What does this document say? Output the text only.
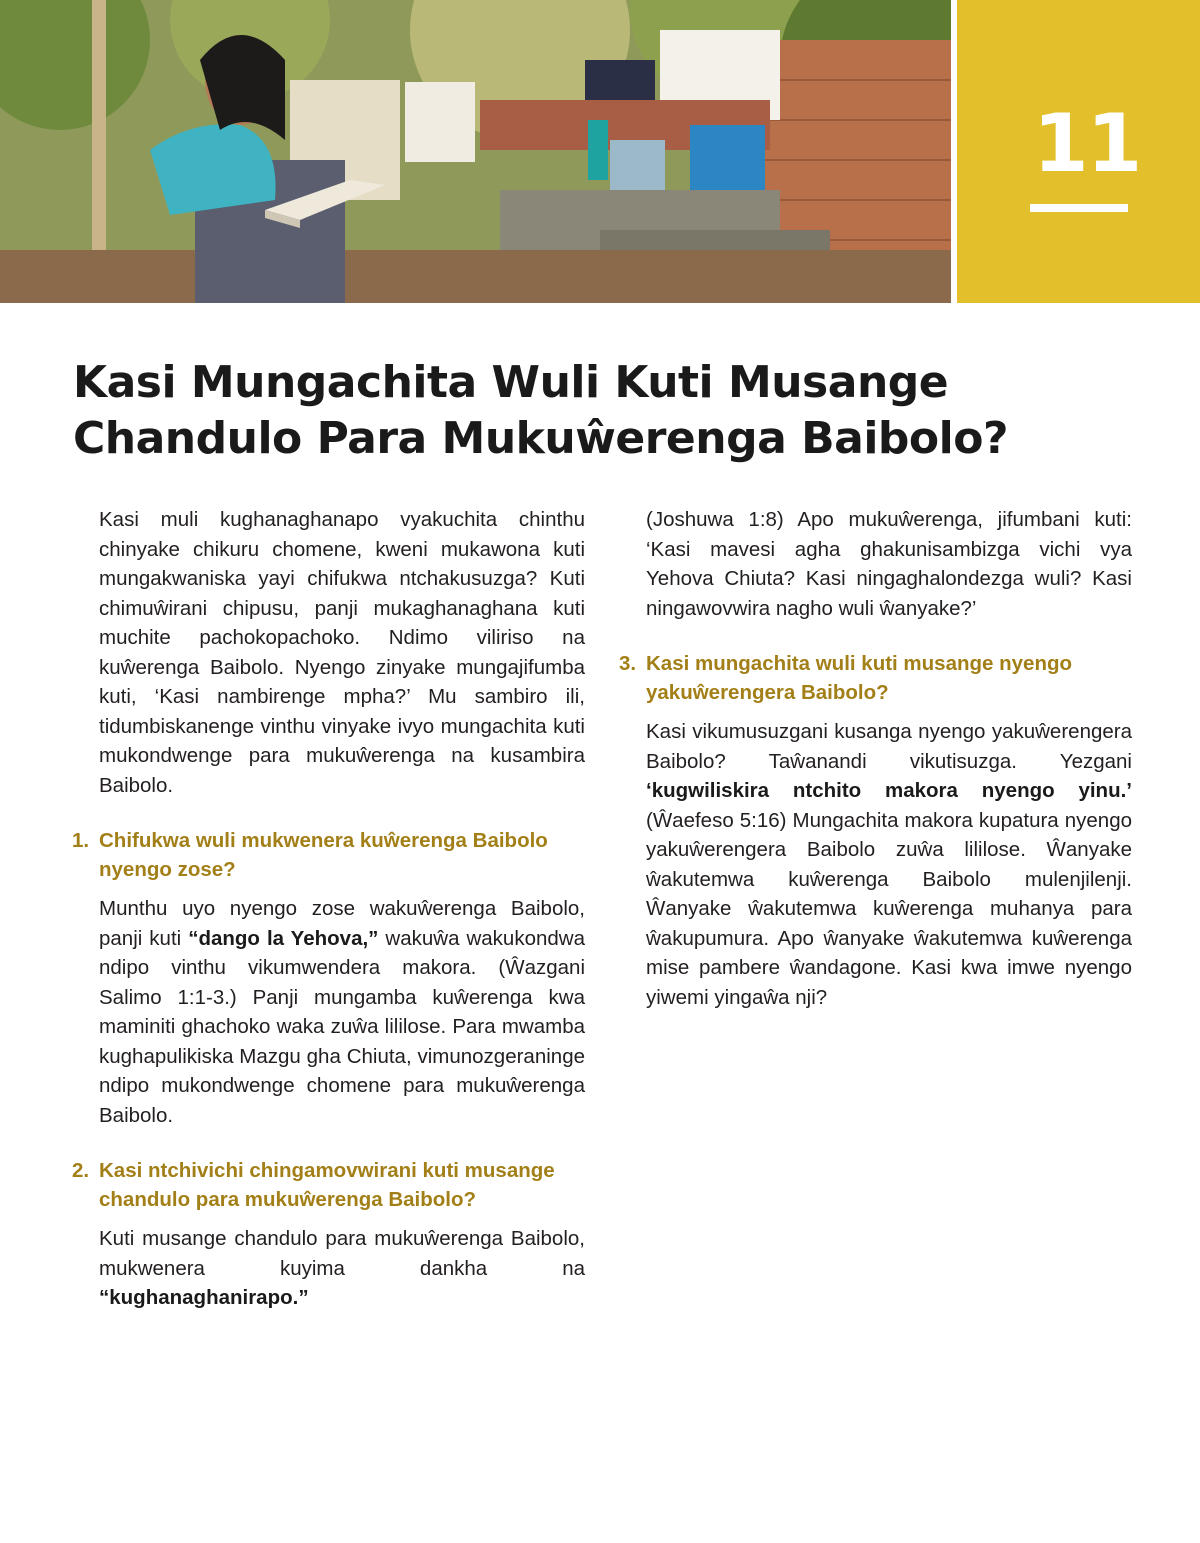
11
Kasi Mungachita Wuli Kuti Musange Chandulo Para Mukuŵerenga Baibolo?

Kasi muli kughanaghanapo vyakuchita chinthu chinyake chikuru chomene, kweni mukawona kuti mungakwaniska yayi chifukwa ntchakusuzga? Kuti chimuŵirani chipusu, panji mukaghanaghana kuti muchite pachokopachoko. Ndimo viliriso na kuŵerenga Baibolo. Nyengo zinyake mungajifumba kuti, ‘Kasi nambirenge mpha?’ Mu sambiro ili, tidumbiskanenge vinthu vinyake ivyo mungachita kuti mukondwenge para mukuŵerenga na kusambira Baibolo.

1. Chifukwa wuli mukwenera kuŵerenga Baibolo nyengo zose?

Munthu uyo nyengo zose wakuŵerenga Baibolo, panji kuti “dango la Yehova,” wakuŵa wakukondwa ndipo vinthu vikumwendera makora. (Ŵazgani Salimo 1:1-3.) Panji mungamba kuŵerenga kwa maminiti ghachoko waka zuŵa lililose. Para mwamba kughapulikiska Mazgu gha Chiuta, vimunozgeraninge ndipo mukondwenge chomene para mukuŵerenga Baibolo.

2. Kasi ntchivichi chingamovwirani kuti musange chandulo para mukuŵerenga Baibolo?

Kuti musange chandulo para mukuŵerenga Baibolo, mukwenera kuyima dankha na “kughanaghanirapo.”

(Joshuwa 1:8) Apo mukuŵerenga, jifumbani kuti: ‘Kasi mavesi agha ghakunisambizga vichi vya Yehova Chiuta? Kasi ningaghalondezga wuli? Kasi ningawovwira nagho wuli ŵanyake?’

3. Kasi mungachita wuli kuti musange nyengo yakuŵerengera Baibolo?

Kasi vikumusuzgani kusanga nyengo yakuŵerengera Baibolo? Taŵanandi vikutisuzga. Yezgani ‘kugwiliskira ntchito makora nyengo yinu.’ (Ŵaefeso 5:16) Mungachita makora kupatura nyengo yakuŵerengera Baibolo zuŵa lililose. Ŵanyake ŵakutemwa kuŵerenga Baibolo mulenjilenji. Ŵanyake ŵakutemwa kuŵerenga muhanya para ŵakupumura. Apo ŵanyake ŵakutemwa kuŵerenga mise pambere ŵandagone. Kasi kwa imwe nyengo yiwemi yingaŵa nji?
